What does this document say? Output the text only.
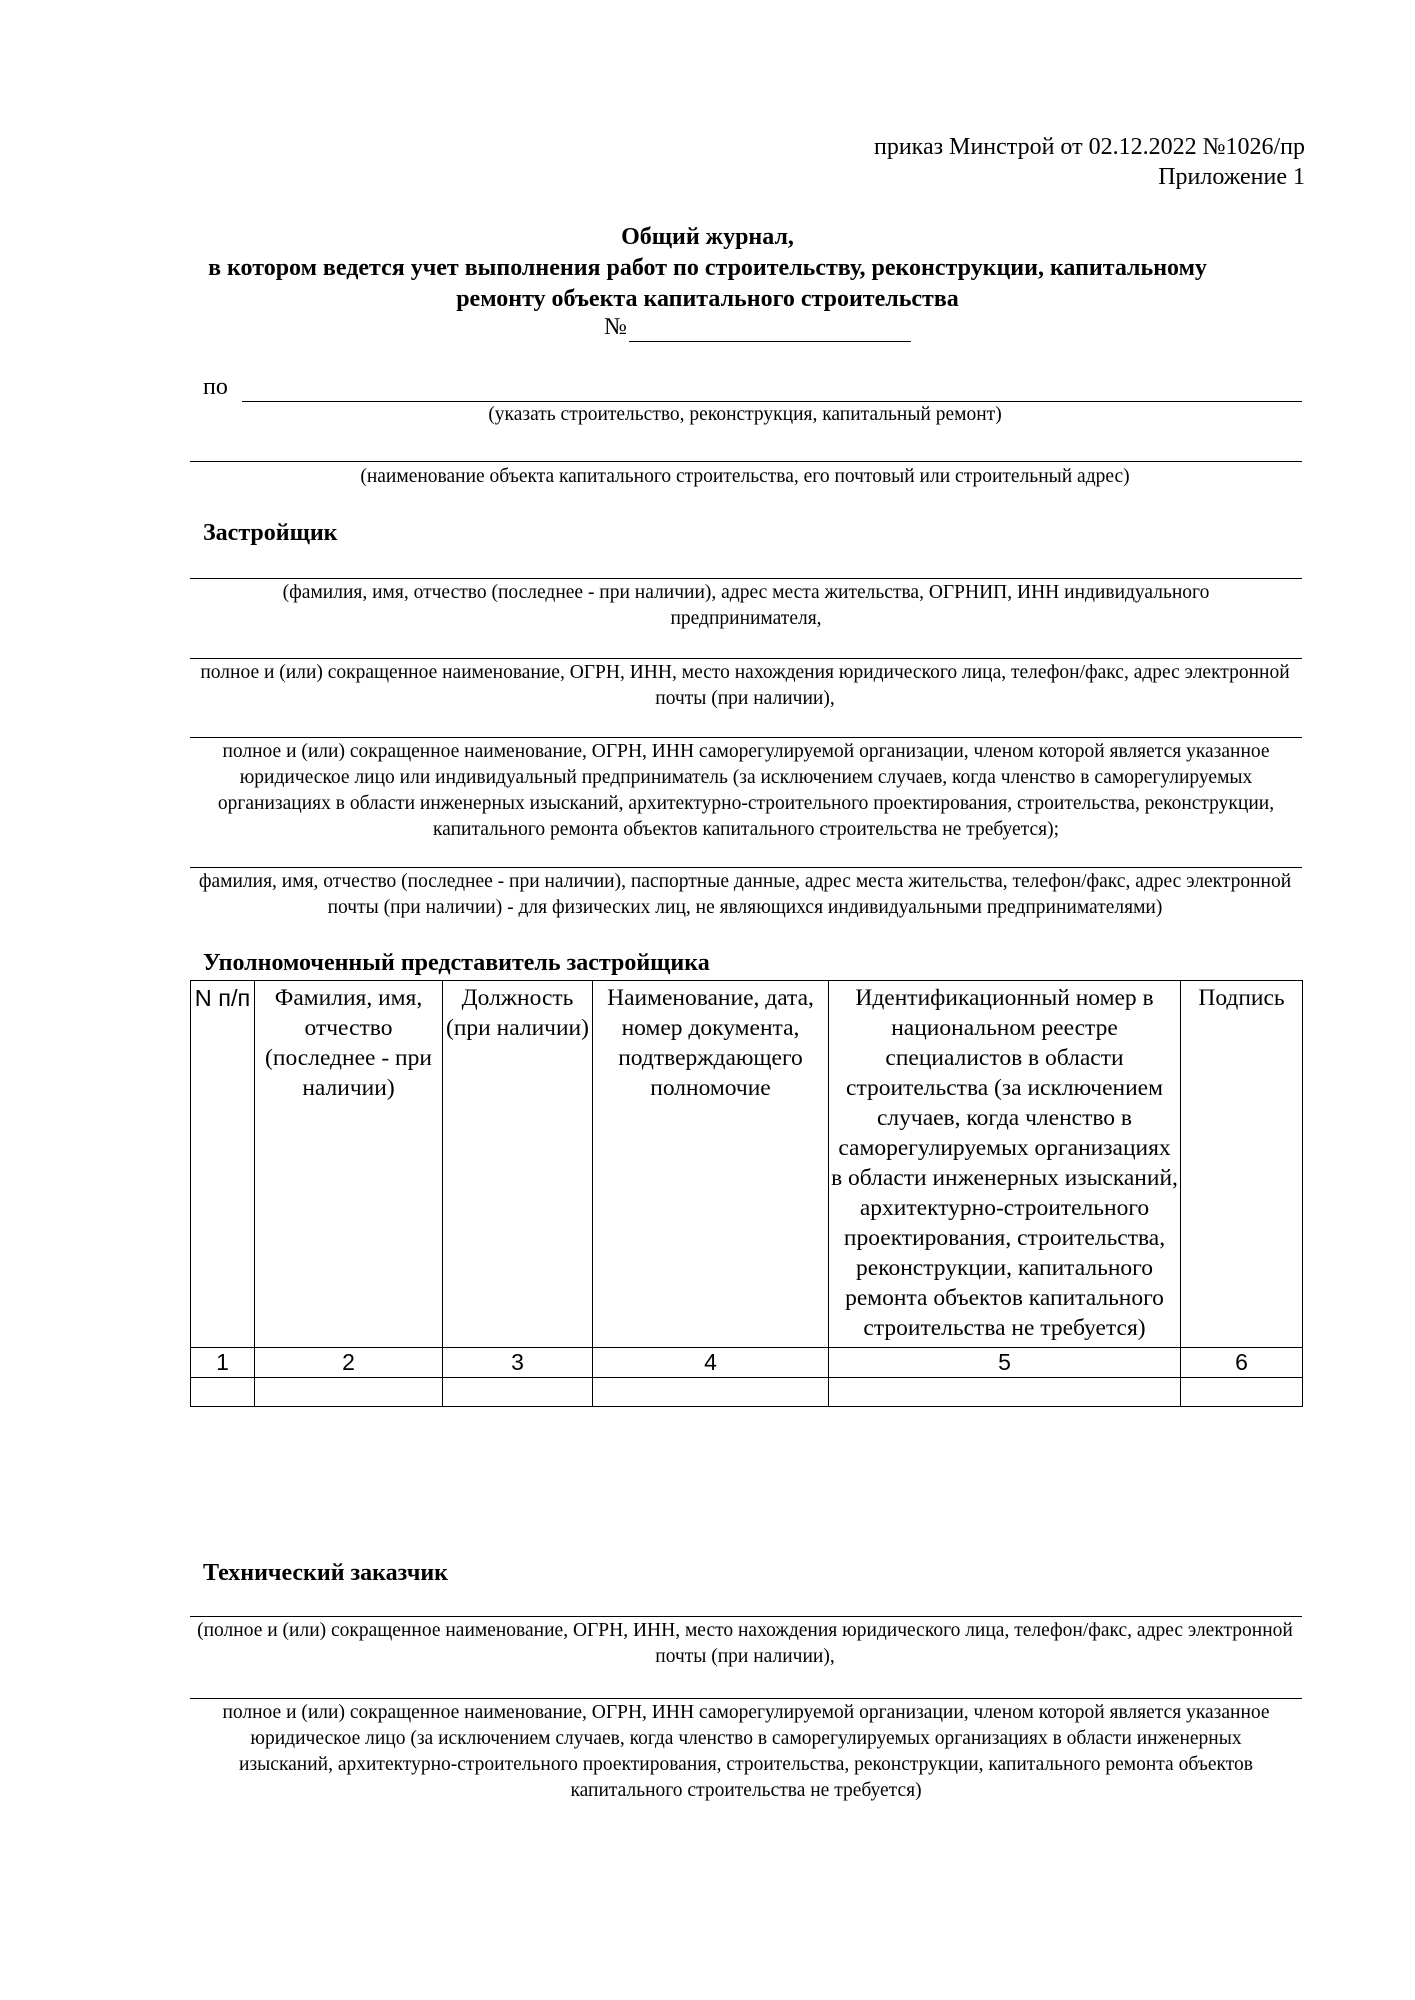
приказ Минстрой от 02.12.2022 №1026/пр
Приложение 1
Общий журнал,
в котором ведется учет выполнения работ по строительству, реконструкции, капитальному
ремонту объекта капитального строительства
№
по
(указать строительство, реконструкция, капитальный ремонт)
(наименование объекта капитального строительства, его почтовый или строительный адрес)
Застройщик
(фамилия, имя, отчество (последнее - при наличии), адрес места жительства, ОГРНИП, ИНН индивидуального предпринимателя,
полное и (или) сокращенное наименование, ОГРН, ИНН, место нахождения юридического лица, телефон/факс, адрес электронной почты (при наличии),
полное и (или) сокращенное наименование, ОГРН, ИНН саморегулируемой организации, членом которой является указанное юридическое лицо или индивидуальный предприниматель (за исключением случаев, когда членство в саморегулируемых организациях в области инженерных изысканий, архитектурно-строительного проектирования, строительства, реконструкции, капитального ремонта объектов капитального строительства не требуется);
фамилия, имя, отчество (последнее - при наличии), паспортные данные, адрес места жительства, телефон/факс, адрес электронной почты (при наличии) - для физических лиц, не являющихся индивидуальными предпринимателями)
Уполномоченный представитель застройщика
N п/п	Фамилия, имя, отчество (последнее - при наличии)	Должность (при наличии)	Наименование, дата, номер документа, подтверждающего полномочие	Идентификационный номер в национальном реестре специалистов в области строительства (за исключением случаев, когда членство в саморегулируемых организациях в области инженерных изысканий, архитектурно-строительного проектирования, строительства, реконструкции, капитального ремонта объектов капитального строительства не требуется)	Подпись
1	2	3	4	5	6

Технический заказчик
(полное и (или) сокращенное наименование, ОГРН, ИНН, место нахождения юридического лица, телефон/факс, адрес электронной почты (при наличии),
полное и (или) сокращенное наименование, ОГРН, ИНН саморегулируемой организации, членом которой является указанное юридическое лицо (за исключением случаев, когда членство в саморегулируемых организациях в области инженерных изысканий, архитектурно-строительного проектирования, строительства, реконструкции, капитального ремонта объектов капитального строительства не требуется)
